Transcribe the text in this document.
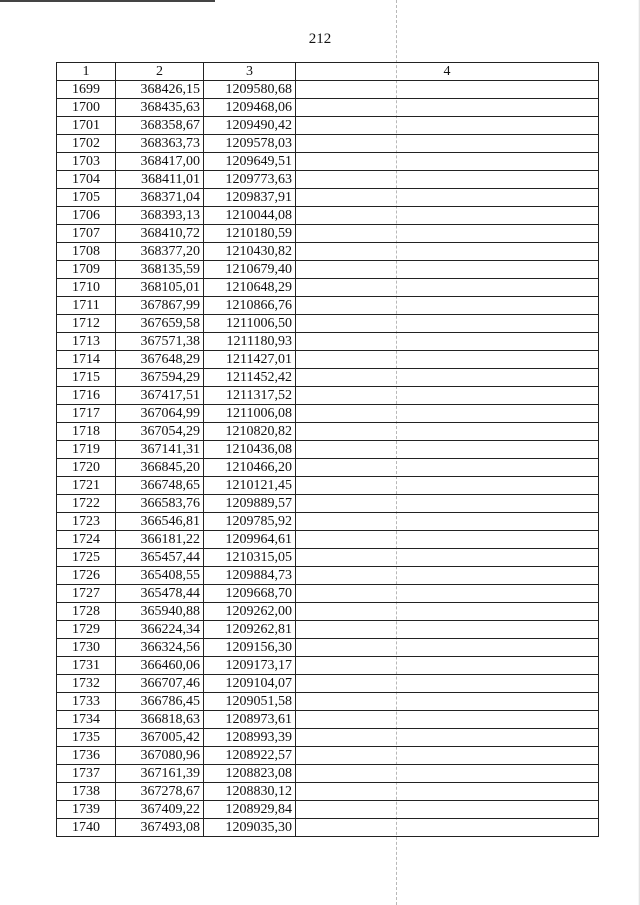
212
1	2	3	4
1699	368426,15	1209580,68	
1700	368435,63	1209468,06	
1701	368358,67	1209490,42	
1702	368363,73	1209578,03	
1703	368417,00	1209649,51	
1704	368411,01	1209773,63	
1705	368371,04	1209837,91	
1706	368393,13	1210044,08	
1707	368410,72	1210180,59	
1708	368377,20	1210430,82	
1709	368135,59	1210679,40	
1710	368105,01	1210648,29	
1711	367867,99	1210866,76	
1712	367659,58	1211006,50	
1713	367571,38	1211180,93	
1714	367648,29	1211427,01	
1715	367594,29	1211452,42	
1716	367417,51	1211317,52	
1717	367064,99	1211006,08	
1718	367054,29	1210820,82	
1719	367141,31	1210436,08	
1720	366845,20	1210466,20	
1721	366748,65	1210121,45	
1722	366583,76	1209889,57	
1723	366546,81	1209785,92	
1724	366181,22	1209964,61	
1725	365457,44	1210315,05	
1726	365408,55	1209884,73	
1727	365478,44	1209668,70	
1728	365940,88	1209262,00	
1729	366224,34	1209262,81	
1730	366324,56	1209156,30	
1731	366460,06	1209173,17	
1732	366707,46	1209104,07	
1733	366786,45	1209051,58	
1734	366818,63	1208973,61	
1735	367005,42	1208993,39	
1736	367080,96	1208922,57	
1737	367161,39	1208823,08	
1738	367278,67	1208830,12	
1739	367409,22	1208929,84	
1740	367493,08	1209035,30	
